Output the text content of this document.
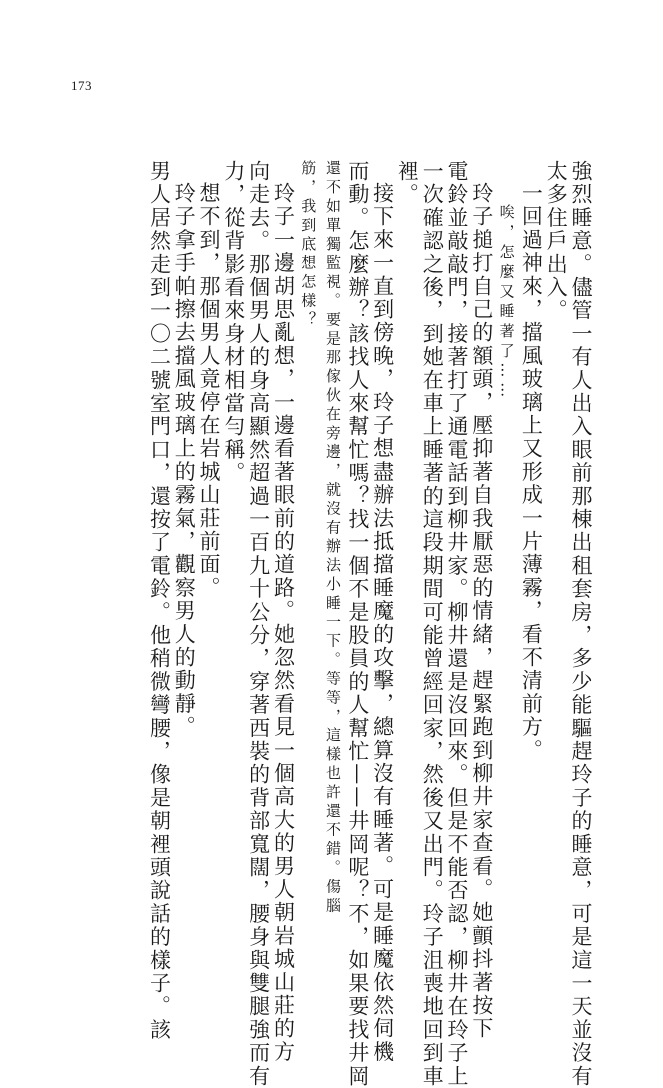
173

強烈睡意。儘管一有人出入眼前那棟出租套房，多少能驅趕玲子的睡意，可是這一天並沒有

太多住戶出入。

一回過神來，擋風玻璃上又形成一片薄霧，看不清前方。

唉，怎麼又睡著了……

玲子搥打自己的額頭，壓抑著自我厭惡的情緒，趕緊跑到柳井家查看。她顫抖著按下

電鈴並敲敲門，接著打了通電話到柳井家。柳井還是沒回來。但是不能否認，柳井在玲子上

一次確認之後，到她在車上睡著的這段期間可能曾經回家，然後又出門。玲子沮喪地回到車

裡。

接下來一直到傍晚，玲子想盡辦法抵擋睡魔的攻擊，總算沒有睡著。可是睡魔依然伺機

而動。怎麼辦？該找人來幫忙嗎？找一個不是股員的人幫忙——井岡呢？不，如果要找井岡

還不如單獨監視。要是那傢伙在旁邊，就沒有辦法小睡一下。等等，這樣也許還不錯。傷腦

筋，我到底想怎樣？

玲子一邊胡思亂想，一邊看著眼前的道路。她忽然看見一個高大的男人朝岩城山莊的方

向走去。那個男人的身高顯然超過一百九十公分，穿著西裝的背部寬闊，腰身與雙腿強而有

力，從背影看來身材相當勻稱。

想不到，那個男人竟停在岩城山莊前面。

玲子拿手帕擦去擋風玻璃上的霧氣，觀察男人的動靜。

男人居然走到一〇二號室門口，還按了電鈴。他稍微彎腰，像是朝裡頭說話的樣子。該
